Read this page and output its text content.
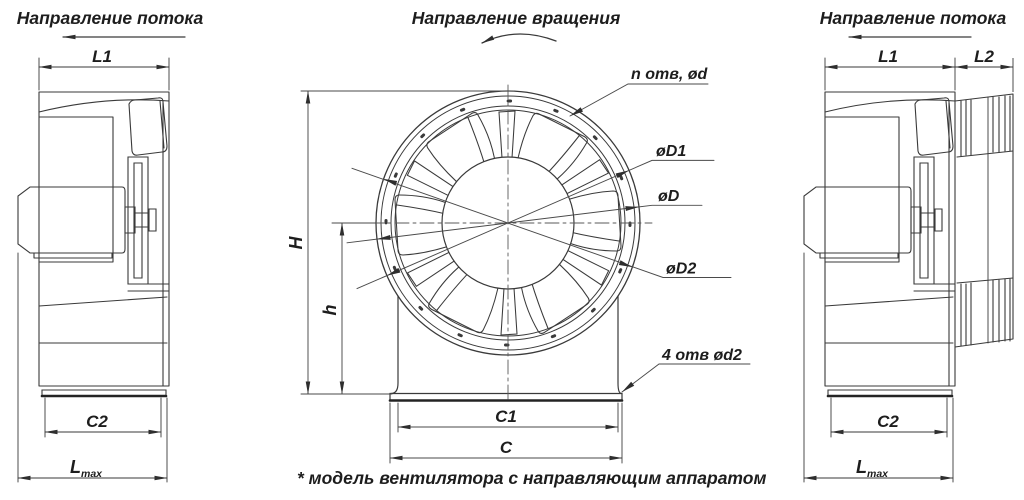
Направление потока
L1
C2
$L_{max}$
Направление вращения
n отв, ød
øD1
øD
øD2
4 отв ød2
H
h
C1
C
* модель вентилятора с направляющим аппаратом
Направление потока
L1	L2
C2
$L_{max}$
